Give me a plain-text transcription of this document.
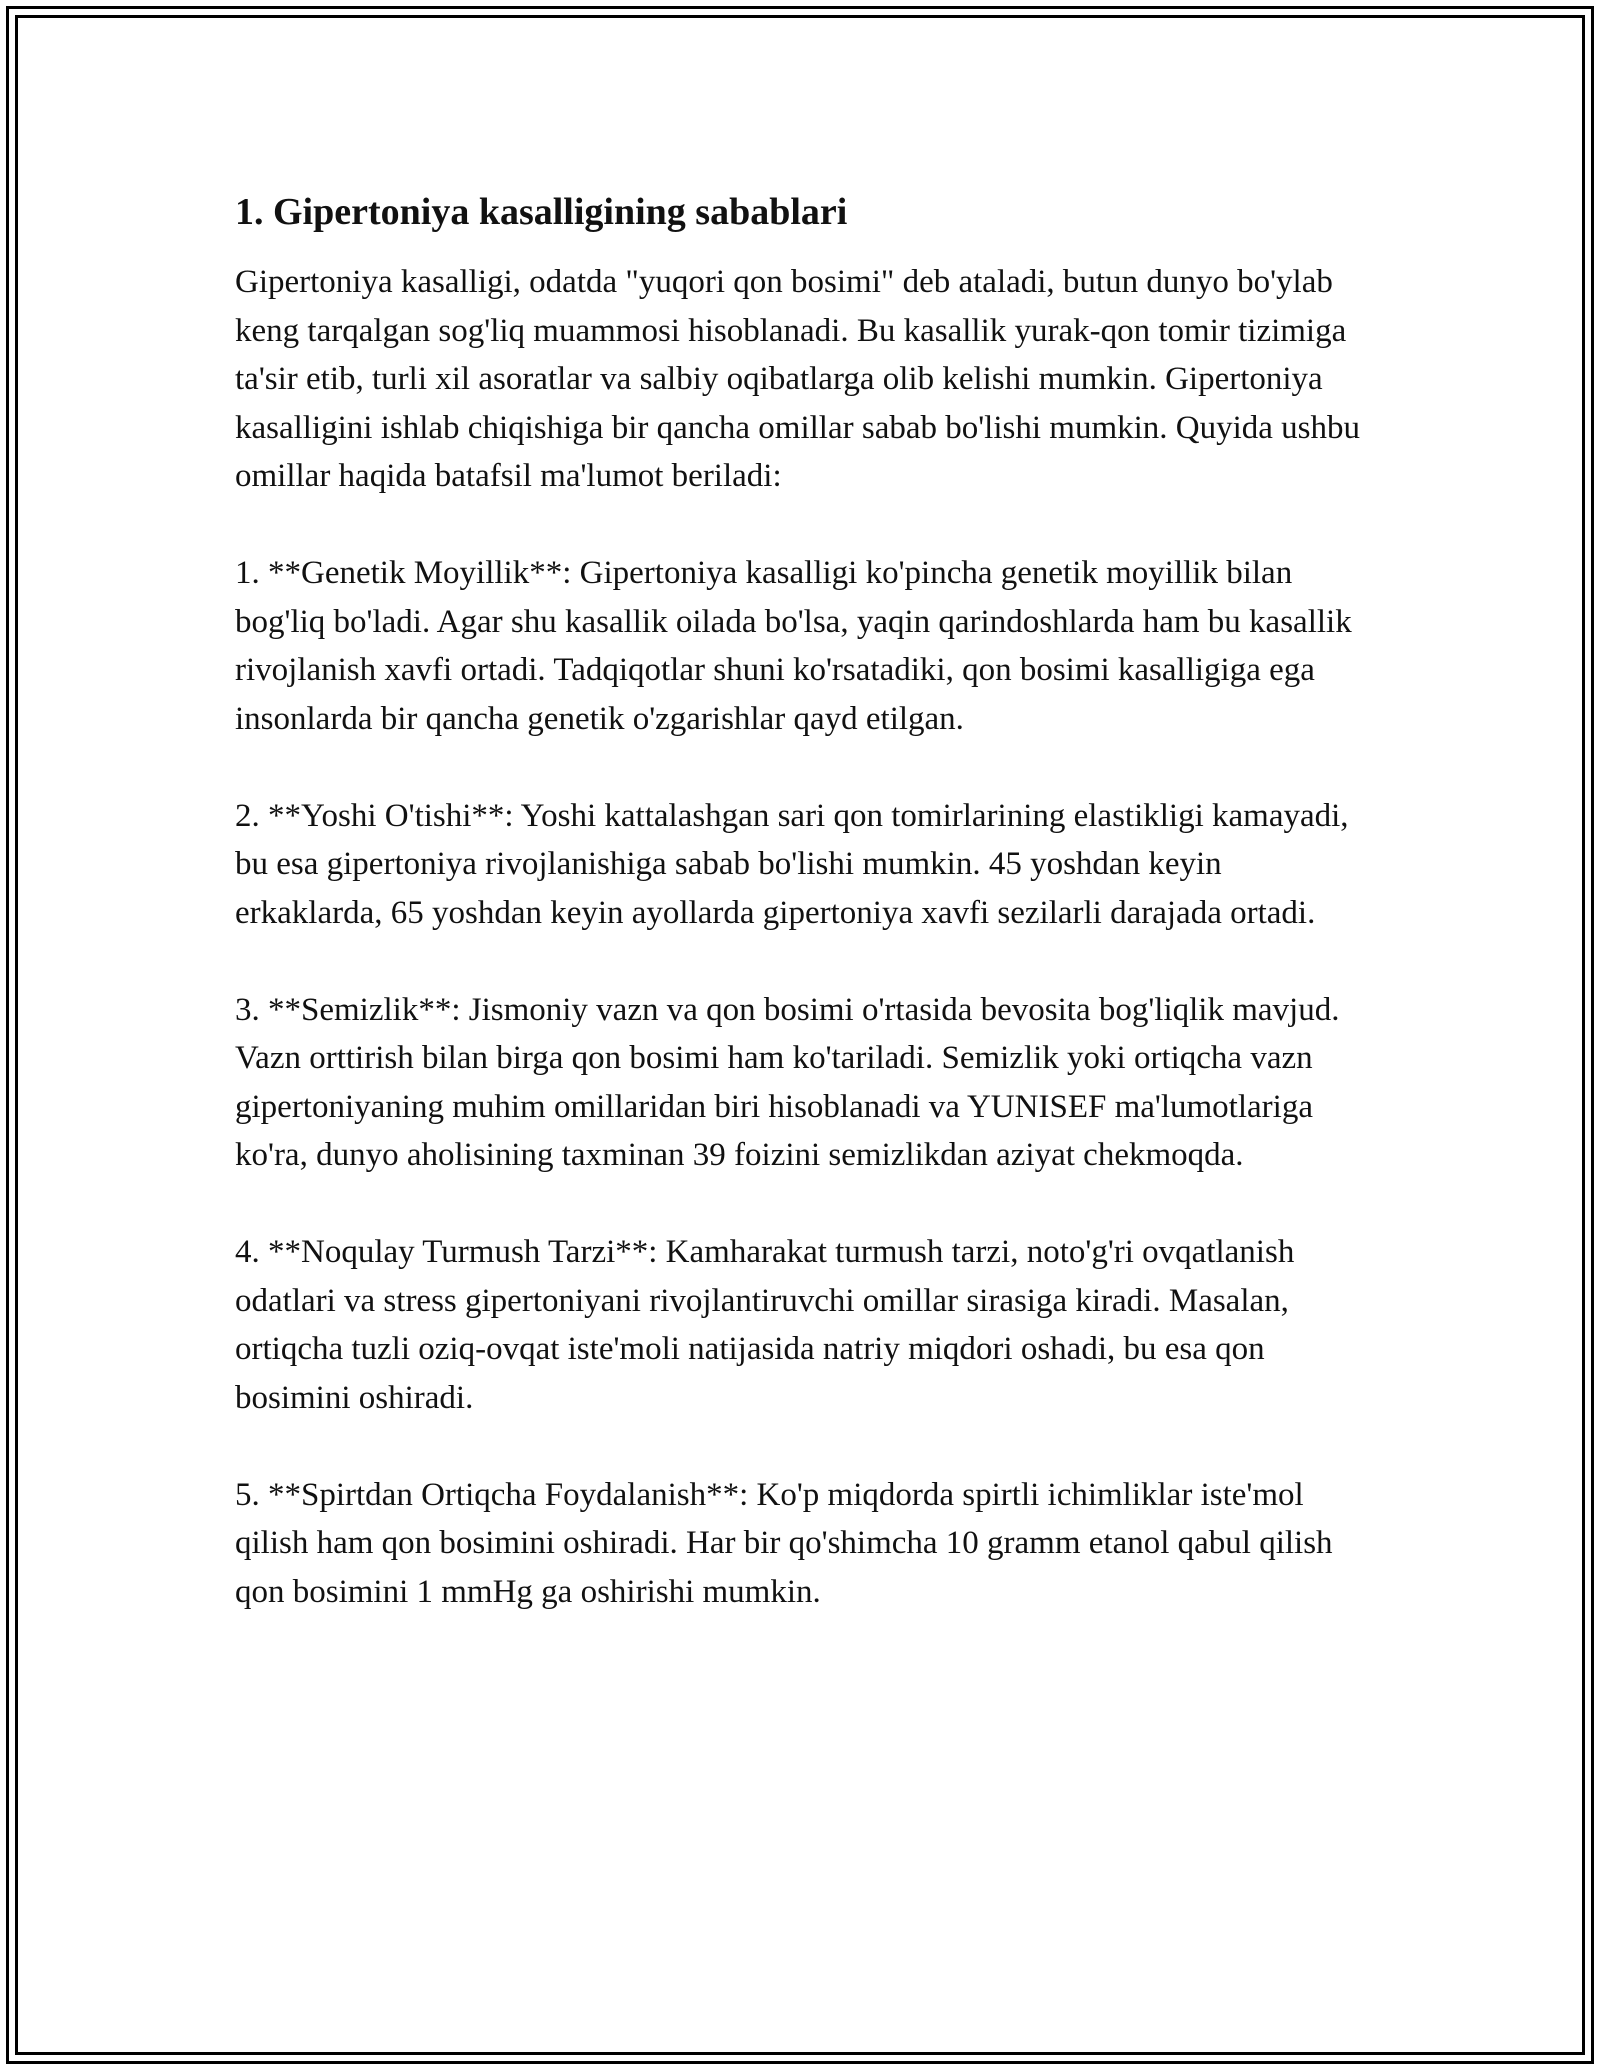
1. Gipertoniya kasalligining sabablari

Gipertoniya kasalligi, odatda "yuqori qon bosimi" deb ataladi, butun dunyo bo'ylab keng tarqalgan sog'liq muammosi hisoblanadi. Bu kasallik yurak-qon tomir tizimiga ta'sir etib, turli xil asoratlar va salbiy oqibatlarga olib kelishi mumkin. Gipertoniya kasalligini ishlab chiqishiga bir qancha omillar sabab bo'lishi mumkin. Quyida ushbu omillar haqida batafsil ma'lumot beriladi:

1. **Genetik Moyillik**: Gipertoniya kasalligi ko'pincha genetik moyillik bilan bog'liq bo'ladi. Agar shu kasallik oilada bo'lsa, yaqin qarindoshlarda ham bu kasallik rivojlanish xavfi ortadi. Tadqiqotlar shuni ko'rsatadiki, qon bosimi kasalligiga ega insonlarda bir qancha genetik o'zgarishlar qayd etilgan.

2. **Yoshi O'tishi**: Yoshi kattalashgan sari qon tomirlarining elastikligi kamayadi, bu esa gipertoniya rivojlanishiga sabab bo'lishi mumkin. 45 yoshdan keyin erkaklarda, 65 yoshdan keyin ayollarda gipertoniya xavfi sezilarli darajada ortadi.

3. **Semizlik**: Jismoniy vazn va qon bosimi o'rtasida bevosita bog'liqlik mavjud. Vazn orttirish bilan birga qon bosimi ham ko'tariladi. Semizlik yoki ortiqcha vazn gipertoniyaning muhim omillaridan biri hisoblanadi va YUNISEF ma'lumotlariga ko'ra, dunyo aholisining taxminan 39 foizini semizlikdan aziyat chekmoqda.

4. **Noqulay Turmush Tarzi**: Kamharakat turmush tarzi, noto'g'ri ovqatlanish odatlari va stress gipertoniyani rivojlantiruvchi omillar sirasiga kiradi. Masalan, ortiqcha tuzli oziq-ovqat iste'moli natijasida natriy miqdori oshadi, bu esa qon bosimini oshiradi.

5. **Spirtdan Ortiqcha Foydalanish**: Ko'p miqdorda spirtli ichimliklar iste'mol qilish ham qon bosimini oshiradi. Har bir qo'shimcha 10 gramm etanol qabul qilish qon bosimini 1 mmHg ga oshirishi mumkin.
